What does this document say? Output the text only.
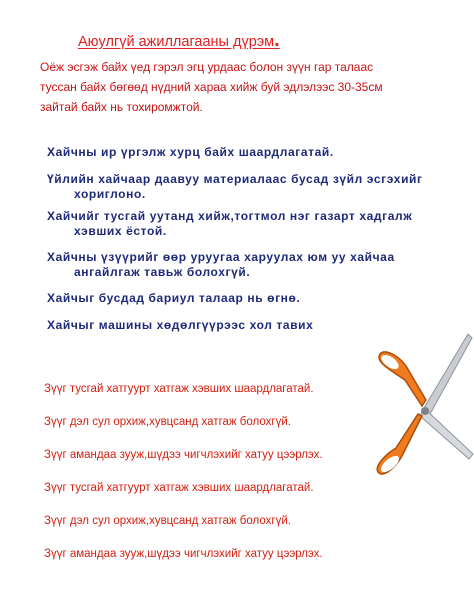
Аюулгүй ажиллагааны дүрэм.
Оёж эсгэж байх үед гэрэл эгц урдаас болон зүүн гар талаас
туссан байх бөгөөд нүдний хараа хийж буй эдлэлээс 30-35см
зайтай байх нь тохиромжтой.
Хайчны ир үргэлж хурц байх шаардлагатай.
Үйлийн хайчаар даавуу материалаас бусад зүйл эсгэхийг
хориглоно.
Хайчийг тусгай уутанд хийж,тогтмол нэг газарт хадгалж
хэвших ёстой.
Хайчны үзүүрийг өөр уруугаа харуулах юм уу хайчаа
ангайлгаж тавьж болохгүй.
Хайчыг бусдад бариул талаар нь өгнө.
Хайчыг машины хөдөлгүүрээс хол тавих
Зүүг тусгай хатгуурт хатгаж хэвших шаардлагатай.
Зүүг дэл сул орхиж,хувцсанд хатгаж болохгүй.
Зүүг амандаа зууж,шүдээ чигчлэхийг хатуу цээрлэх.
Зүүг тусгай хатгуурт хатгаж хэвших шаардлагатай.
Зүүг дэл сул орхиж,хувцсанд хатгаж болохгүй.
Зүүг амандаа зууж,шүдээ чигчлэхийг хатуу цээрлэх.
